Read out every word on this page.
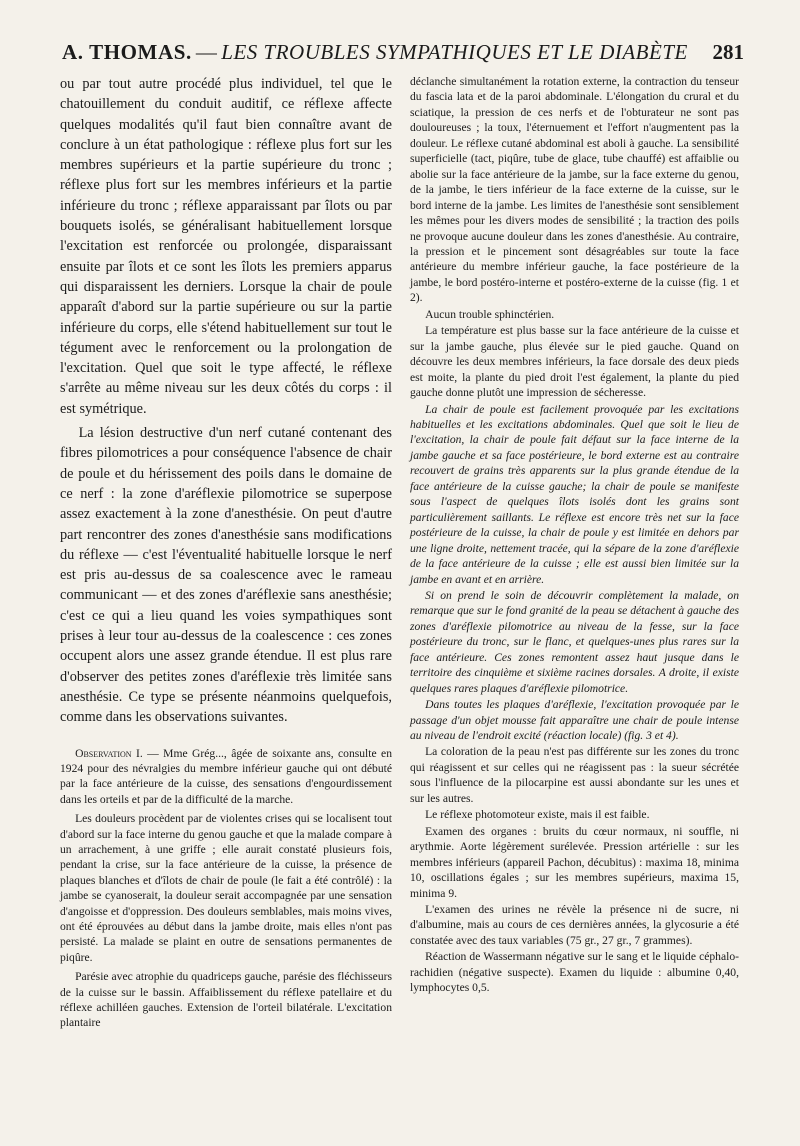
A. THOMAS. — LES TROUBLES SYMPATHIQUES ET LE DIABÈTE 281

ou par tout autre procédé plus individuel, tel que le chatouillement du conduit auditif, ce réflexe affecte quelques modalités qu'il faut bien connaître avant de conclure à un état pathologique : réflexe plus fort sur les membres supérieurs et la partie supérieure du tronc ; réflexe plus fort sur les membres inférieurs et la partie inférieure du tronc ; réflexe apparaissant par îlots ou par bouquets isolés, se généralisant habituellement lorsque l'excitation est renforcée ou prolongée, disparaissant ensuite par îlots et ce sont les îlots les premiers apparus qui disparaissent les derniers. Lorsque la chair de poule apparaît d'abord sur la partie supérieure ou sur la partie inférieure du corps, elle s'étend habituellement sur tout le tégument avec le renforcement ou la prolongation de l'excitation. Quel que soit le type affecté, le réflexe s'arrête au même niveau sur les deux côtés du corps : il est symétrique.

La lésion destructive d'un nerf cutané contenant des fibres pilomotrices a pour conséquence l'absence de chair de poule et du hérissement des poils dans le domaine de ce nerf : la zone d'aréflexie pilomotrice se superpose assez exactement à la zone d'anesthésie. On peut d'autre part rencontrer des zones d'anesthésie sans modifications du réflexe — c'est l'éventualité habituelle lorsque le nerf est pris au-dessus de sa coalescence avec le rameau communicant — et des zones d'aréflexie sans anesthésie; c'est ce qui a lieu quand les voies sympathiques sont prises à leur tour au-dessus de la coalescence : ces zones occupent alors une assez grande étendue. Il est plus rare d'observer des petites zones d'aréflexie très limitée sans anesthésie. Ce type se présente néanmoins quelquefois, comme dans les observations suivantes.

Observation I. — Mme Grég..., âgée de soixante ans, consulte en 1924 pour des névralgies du membre inférieur gauche qui ont débuté par la face antérieure de la cuisse, des sensations d'engourdissement dans les orteils et par de la difficulté de la marche.

Les douleurs procèdent par de violentes crises qui se localisent tout d'abord sur la face interne du genou gauche et que la malade compare à un arrachement, à une griffe ; elle aurait constaté plusieurs fois, pendant la crise, sur la face antérieure de la cuisse, la présence de plaques blanches et d'îlots de chair de poule (le fait a été contrôlé) : la jambe se cyanoserait, la douleur serait accompagnée par une sensation d'angoisse et d'oppression. Des douleurs semblables, mais moins vives, ont été éprouvées au début dans la jambe droite, mais elles n'ont pas persisté. La malade se plaint en outre de sensations permanentes de piqûre.

Parésie avec atrophie du quadriceps gauche, parésie des fléchisseurs de la cuisse sur le bassin. Affaiblissement du réflexe patellaire et du réflexe achilléen gauches. Extension de l'orteil bilatérale. L'excitation plantaire

déclanche simultanément la rotation externe, la contraction du tenseur du fascia lata et de la paroi abdominale. L'élongation du crural et du sciatique, la pression de ces nerfs et de l'obturateur ne sont pas douloureuses ; la toux, l'éternuement et l'effort n'augmentent pas la douleur. Le réflexe cutané abdominal est aboli à gauche. La sensibilité superficielle (tact, piqûre, tube de glace, tube chauffé) est affaiblie ou abolie sur la face antérieure de la jambe, sur la face externe du genou, de la jambe, le tiers inférieur de la face externe de la cuisse, sur le bord interne de la jambe. Les limites de l'anesthésie sont sensiblement les mêmes pour les divers modes de sensibilité ; la traction des poils ne provoque aucune douleur dans les zones d'anesthésie. Au contraire, la pression et le pincement sont désagréables sur toute la face antérieure du membre inférieur gauche, la face postérieure de la jambe, le bord postéro-interne et postéro-externe de la cuisse (fig. 1 et 2).

Aucun trouble sphinctérien.

La température est plus basse sur la face antérieure de la cuisse et sur la jambe gauche, plus élevée sur le pied gauche. Quand on découvre les deux membres inférieurs, la face dorsale des deux pieds est moite, la plante du pied droit l'est également, la plante du pied gauche donne plutôt une impression de sécheresse.

La chair de poule est facilement provoquée par les excitations habituelles et les excitations abdominales. Quel que soit le lieu de l'excitation, la chair de poule fait défaut sur la face interne de la jambe gauche et sa face postérieure, le bord externe est au contraire recouvert de grains très apparents sur la plus grande étendue de la face antérieure de la cuisse gauche; la chair de poule se manifeste sous l'aspect de quelques îlots isolés dont les grains sont particulièrement saillants. Le réflexe est encore très net sur la face postérieure de la cuisse, la chair de poule y est limitée en dehors par une ligne droite, nettement tracée, qui la sépare de la zone d'aréflexie de la face antérieure de la cuisse ; elle est aussi bien limitée sur la jambe en avant et en arrière.

Si on prend le soin de découvrir complètement la malade, on remarque que sur le fond granité de la peau se détachent à gauche des zones d'aréflexie pilomotrice au niveau de la fesse, sur la face postérieure du tronc, sur le flanc, et quelques-unes plus rares sur la face antérieure. Ces zones remontent assez haut jusque dans le territoire des cinquième et sixième racines dorsales. A droite, il existe quelques rares plaques d'aréflexie pilomotrice.

Dans toutes les plaques d'aréflexie, l'excitation provoquée par le passage d'un objet mousse fait apparaître une chair de poule intense au niveau de l'endroit excité (réaction locale) (fig. 3 et 4).

La coloration de la peau n'est pas différente sur les zones du tronc qui réagissent et sur celles qui ne réagissent pas : la sueur sécrétée sous l'influence de la pilocarpine est aussi abondante sur les unes et sur les autres.

Le réflexe photomoteur existe, mais il est faible.

Examen des organes : bruits du cœur normaux, ni souffle, ni arythmie. Aorte légèrement surélevée. Pression artérielle : sur les membres inférieurs (appareil Pachon, décubitus) : maxima 18, minima 10, oscillations égales ; sur les membres supérieurs, maxima 15, minima 9.

L'examen des urines ne révèle la présence ni de sucre, ni d'albumine, mais au cours de ces dernières années, la glycosurie a été constatée avec des taux variables (75 gr., 27 gr., 7 grammes).

Réaction de Wassermann négative sur le sang et le liquide céphalo-rachidien (négative suspecte). Examen du liquide : albumine 0,40, lymphocytes 0,5.
